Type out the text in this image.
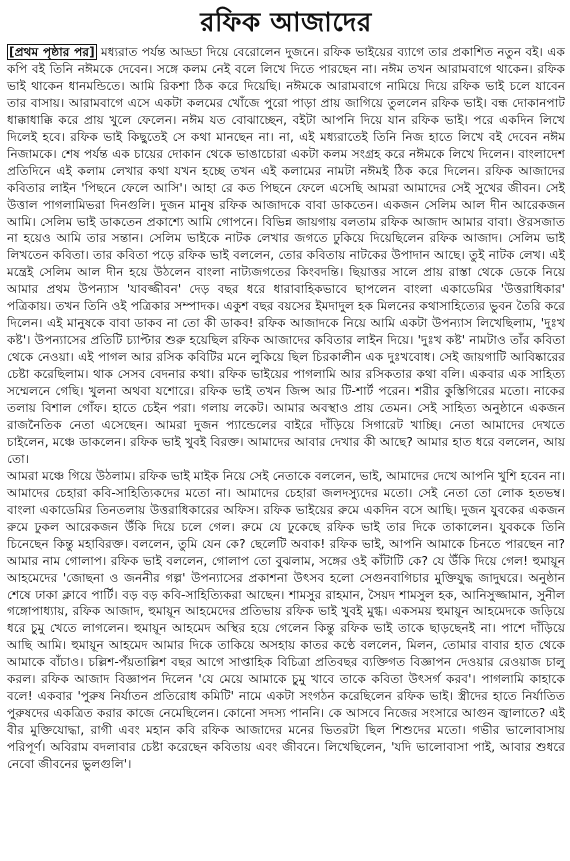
রফিক আজাদের

[প্রথম পৃষ্ঠার পর] মধ্যরাত পর্যন্ত আড্ডা দিয়ে বেরোলেন দুজনে। রফিক ভাইয়ের ব্যাগে তার প্রকাশিত নতুন বই। এক কপি বই তিনি নঈমকে দেবেন। সঙ্গে কলম নেই বলে লিখে দিতে পারছেন না। নঈম তখন আরামবাগে থাকেন। রফিক ভাই থাকেন ধানমন্ডিতে। আমি রিকশা ঠিক করে দিয়েছি। নঈমকে আরামবাগে নামিয়ে দিয়ে রফিক ভাই চলে যাবেন তার বাসায়। আরামবাগে এসে একটা কলমের খোঁজে পুরো পাড়া প্রায় জাগিয়ে তুললেন রফিক ভাই। বন্ধ দোকানপাট ধাক্কাধাক্কি করে প্রায় খুলে ফেলেন। নঈম যত বোঝাচ্ছেন, বইটা আপনি দিয়ে যান রফিক ভাই। পরে একদিন লিখে দিলেই হবে। রফিক ভাই কিছুতেই সে কথা মানছেন না। না, এই মধ্যরাতেই তিনি নিজ হাতে লিখে বই দেবেন নঈম নিজামকে। শেষ পর্যন্ত এক চায়ের দোকান থেকে ভাঙাচোরা একটা কলম সংগ্রহ করে নঈমকে লিখে দিলেন। বাংলাদেশ প্রতিদিনে এই কলাম লেখার কথা যখন হচ্ছে তখন এই কলামের নামটা নঈমই ঠিক করে দিলেন। রফিক আজাদের কবিতার লাইন 'পিছনে ফেলে আসি'। আহা রে কত পিছনে ফেলে এসেছি আমরা আমাদের সেই সুখের জীবন। সেই উত্তাল পাগলামিভরা দিনগুলি। দুজন মানুষ রফিক আজাদকে বাবা ডাকতেন। একজন সেলিম আল দীন আরেকজন আমি। সেলিম ভাই ডাকতেন প্রকাশ্যে আমি গোপনে। বিভিন্ন জায়গায় বলতাম রফিক আজাদ আমার বাবা। ঔরসজাত না হয়েও আমি তার সন্তান। সেলিম ভাইকে নাটক লেখার জগতে ঢুকিয়ে দিয়েছিলেন রফিক আজাদ। সেলিম ভাই লিখতেন কবিতা। তার কবিতা পড়ে রফিক ভাই বললেন, তোর কবিতায় নাটকের উপাদান আছে। তুই নাটক লেখ। এই মন্ত্রেই সেলিম আল দীন হয়ে উঠলেন বাংলা নাট্যজগতের কিংবদন্তি। ছিয়াত্তর সালে প্রায় রাস্তা থেকে ডেকে নিয়ে আমার প্রথম উপন্যাস 'যাবজ্জীবন' দেড় বছর ধরে ধারাবাহিকভাবে ছাপলেন বাংলা একাডেমির 'উত্তরাধিকার' পত্রিকায়। তখন তিনি ওই পত্রিকার সম্পাদক। একুশ বছর বয়সের ইমদাদুল হক মিলনের কথাসাহিত্যের ভুবন তৈরি করে দিলেন। এই মানুষকে বাবা ডাকব না তো কী ডাকব! রফিক আজাদকে নিয়ে আমি একটা উপন্যাস লিখেছিলাম, 'দুঃখ কষ্ট'। উপন্যাসের প্রতিটি চ্যাপ্টার শুরু হয়েছিল রফিক আজাদের কবিতার লাইন দিয়ে। 'দুঃখ কষ্ট' নামটাও তাঁর কবিতা থেকে নেওয়া। এই পাগল আর রসিক কবিটির মনে লুকিয়ে ছিল চিরকালীন এক দুঃখবোধ। সেই জায়গাটি আবিষ্কারের চেষ্টা করেছিলাম। থাক সেসব বেদনার কথা। রফিক ভাইয়ের পাগলামি আর রসিকতার কথা বলি। একবার এক সাহিত্য সম্মেলনে গেছি। খুলনা অথবা যশোরে। রফিক ভাই তখন জিন্স আর টি-শার্ট পরেন। শরীর কুস্তিগিরের মতো। নাকের তলায় বিশাল গোঁফ। হাতে চেইন পরা। গলায় লকেট। আমার অবস্থাও প্রায় তেমন। সেই সাহিত্য অনুষ্ঠানে একজন রাজনৈতিক নেতা এসেছেন। আমরা দুজন প্যান্ডেলের বাইরে দাঁড়িয়ে সিগারেট খাচ্ছি। নেতা আমাদের দেখতে চাইলেন, মঞ্চে ডাকলেন। রফিক ভাই খুবই বিরক্ত। আমাদের আবার দেখার কী আছে? আমার হাত ধরে বললেন, আয় তো।

আমরা মঞ্চে গিয়ে উঠলাম। রফিক ভাই মাইক নিয়ে সেই নেতাকে বললেন, ভাই, আমাদের দেখে আপনি খুশি হবেন না। আমাদের চেহারা কবি-সাহিত্যিকদের মতো না। আমাদের চেহারা জলদস্যুদের মতো। সেই নেতা তো লোক হতভম্ব। বাংলা একাডেমির তিনতলায় উত্তরাধিকারের অফিস। রফিক ভাইয়ের রুমে একদিন বসে আছি। দুজন যুবকের একজন রুমে ঢুকল আরেকজন উঁকি দিয়ে চলে গেল। রুমে যে ঢুকেছে রফিক ভাই তার দিকে তাকালেন। যুবককে তিনি চিনেছেন কিন্তু মহাবিরক্ত। বললেন, তুমি যেন কে? ছেলেটি অবাক! রফিক ভাই, আপনি আমাকে চিনতে পারছেন না? আমার নাম গোলাপ। রফিক ভাই বললেন, গোলাপ তো বুঝলাম, সঙ্গের ওই কাঁটাটি কে? যে উঁকি দিয়ে গেল! হুমায়ূন আহমেদের 'জোছনা ও জননীর গল্প' উপন্যাসের প্রকাশনা উৎসব হলো সেগুনবাগিচার মুক্তিযুদ্ধ জাদুঘরে। অনুষ্ঠান শেষে ঢাকা ক্লাবে পার্টি। বড় বড় কবি-সাহিত্যিকরা আছেন। শামসুর রাহমান, সৈয়দ শামসুল হক, আনিসুজ্জামান, সুনীল গঙ্গোপাধ্যায়, রফিক আজাদ, হুমায়ূন আহমেদের প্রতিভায় রফিক ভাই খুবই মুগ্ধ। একসময় হুমায়ূন আহমেদকে জড়িয়ে ধরে চুমু খেতে লাগলেন। হুমায়ূন আহমেদ অস্থির হয়ে গেলেন কিন্তু রফিক ভাই তাকে ছাড়ছেনই না। পাশে দাঁড়িয়ে আছি আমি। হুমায়ূন আহমেদ আমার দিকে তাকিয়ে অসহায় কাতর কণ্ঠে বললেন, মিলন, তোমার বাবার হাত থেকে আমাকে বাঁচাও। চল্লিশ-পঁয়তাল্লিশ বছর আগে সাপ্তাহিক বিচিত্রা প্রতিবছর ব্যক্তিগত বিজ্ঞাপন দেওয়ার রেওয়াজ চালু করল। রফিক আজাদ বিজ্ঞাপন দিলেন 'যে মেয়ে আমাকে চুমু খাবে তাকে কবিতা উৎসর্গ করব'। পাগলামি কাহাকে বলে! একবার 'পুরুষ নির্যাতন প্রতিরোধ কমিটি' নামে একটা সংগঠন করেছিলেন রফিক ভাই। স্ত্রীদের হাতে নির্যাতিত পুরুষদের একত্রিত করার কাজে নেমেছিলেন। কোনো সদস্য পাননি। কে আসবে নিজের সংসারে আগুন জ্বালাতে? এই বীর মুক্তিযোদ্ধা, রাগী এবং মহান কবি রফিক আজাদের মনের ভিতরটা ছিল শিশুদের মতো। গভীর ভালোবাসায় পরিপূর্ণ। অবিরাম বদলাবার চেষ্টা করেছেন কবিতায় এবং জীবনে। লিখেছিলেন, 'যদি ভালোবাসা পাই, আবার শুধরে নেবো জীবনের ভুলগুলি'।
